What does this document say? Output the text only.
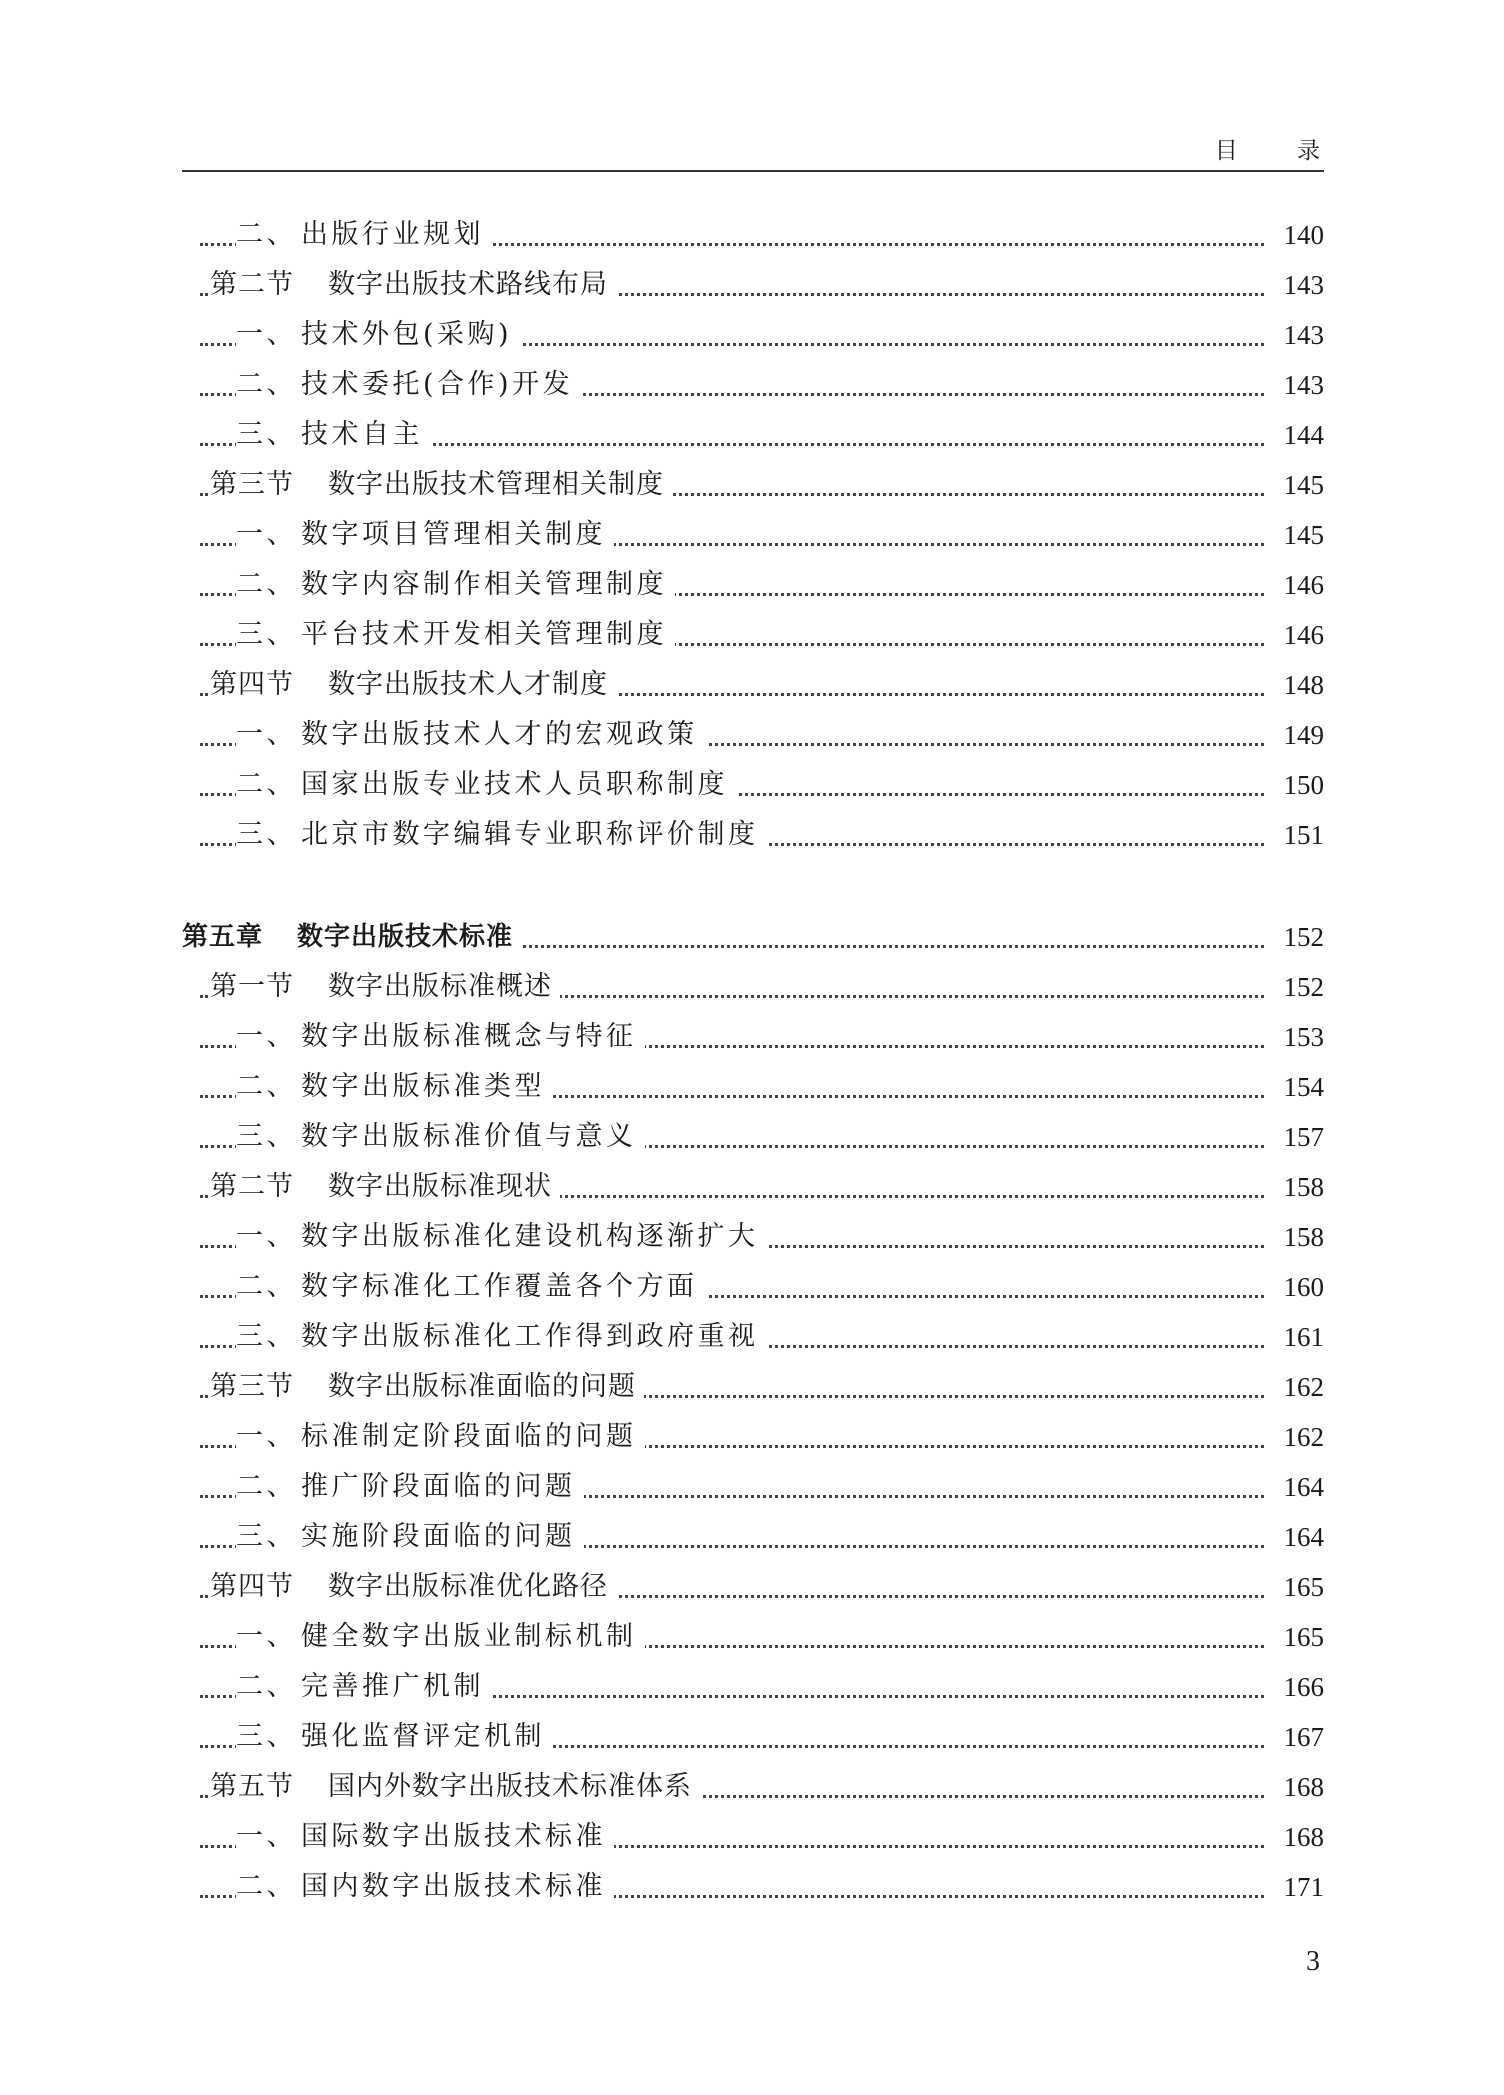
目 录
二、 出版行业规划	140
第二节 数字出版技术路线布局	143
一、 技术外包(采购)	143
二、 技术委托(合作)开发	143
三、 技术自主	144
第三节 数字出版技术管理相关制度	145
一、 数字项目管理相关制度	145
二、 数字内容制作相关管理制度	146
三、 平台技术开发相关管理制度	146
第四节 数字出版技术人才制度	148
一、 数字出版技术人才的宏观政策	149
二、 国家出版专业技术人员职称制度	150
三、 北京市数字编辑专业职称评价制度	151
第五章 数字出版技术标准	152
第一节 数字出版标准概述	152
一、 数字出版标准概念与特征	153
二、 数字出版标准类型	154
三、 数字出版标准价值与意义	157
第二节 数字出版标准现状	158
一、 数字出版标准化建设机构逐渐扩大	158
二、 数字标准化工作覆盖各个方面	160
三、 数字出版标准化工作得到政府重视	161
第三节 数字出版标准面临的问题	162
一、 标准制定阶段面临的问题	162
二、 推广阶段面临的问题	164
三、 实施阶段面临的问题	164
第四节 数字出版标准优化路径	165
一、 健全数字出版业制标机制	165
二、 完善推广机制	166
三、 强化监督评定机制	167
第五节 国内外数字出版技术标准体系	168
一、 国际数字出版技术标准	168
二、 国内数字出版技术标准	171
3
